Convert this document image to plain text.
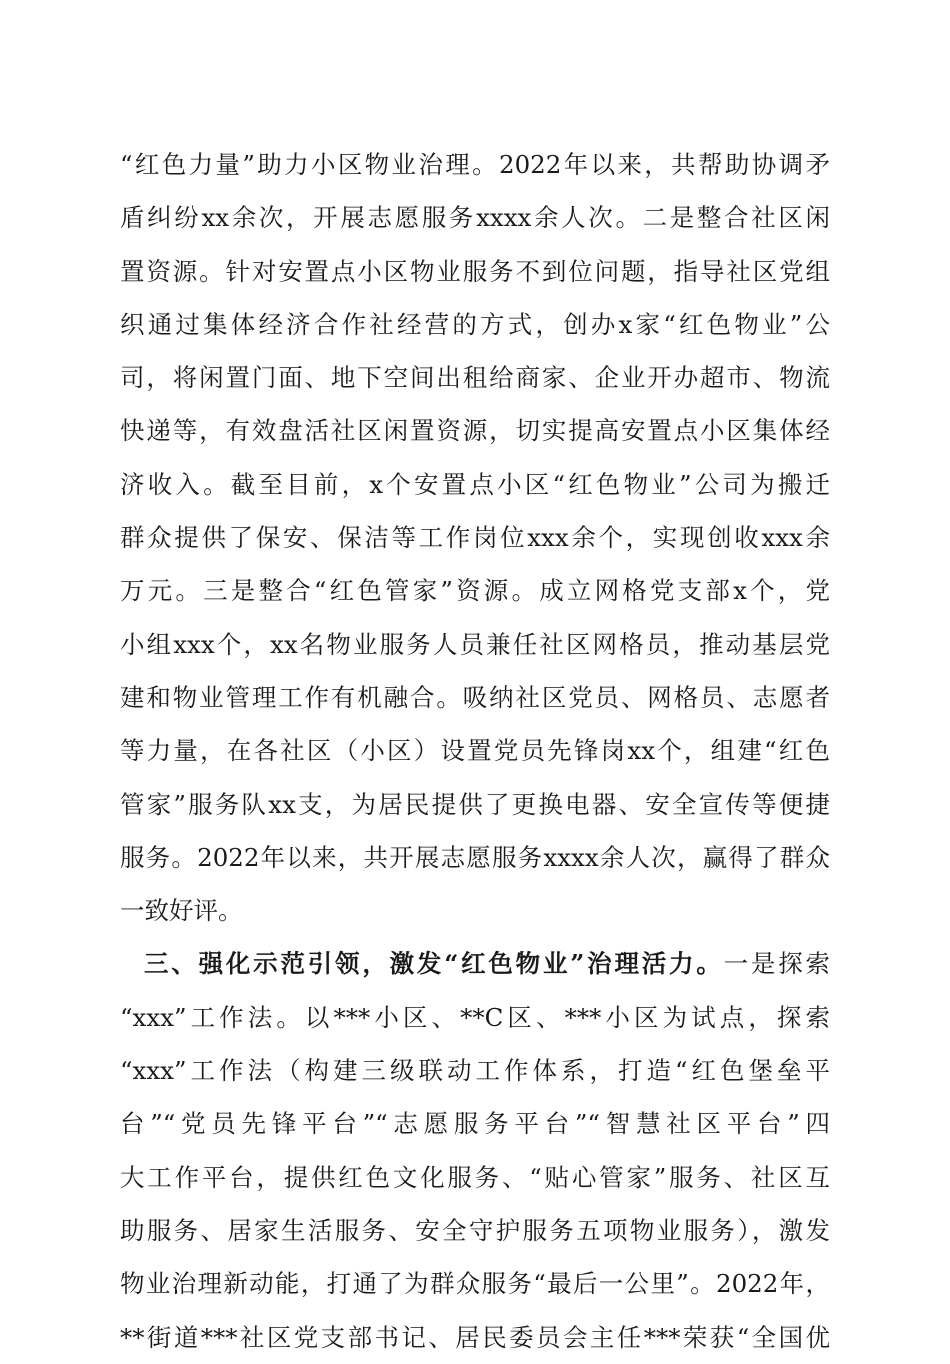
“红色力量”助力小区物业治理。2022年以来，共帮助协调矛
盾纠纷xx余次，开展志愿服务xxxx余人次。二是整合社区闲
置资源。针对安置点小区物业服务不到位问题，指导社区党组
织通过集体经济合作社经营的方式，创办x家“红色物业”公
司，将闲置门面、地下空间出租给商家、企业开办超市、物流
快递等，有效盘活社区闲置资源，切实提高安置点小区集体经
济收入。截至目前，x个安置点小区“红色物业”公司为搬迁
群众提供了保安、保洁等工作岗位xxx余个，实现创收xxx余
万元。三是整合“红色管家”资源。成立网格党支部x个，党
小组xxx个，xx名物业服务人员兼任社区网格员，推动基层党
建和物业管理工作有机融合。吸纳社区党员、网格员、志愿者
等力量，在各社区（小区）设置党员先锋岗xx个，组建“红色
管家”服务队xx支，为居民提供了更换电器、安全宣传等便捷
服务。2022年以来，共开展志愿服务xxxx余人次，赢得了群众
一致好评。
三、强化示范引领，激发“红色物业”治理活力。一是探索
“xxx”工作法。以***小区、**C区、***小区为试点，探索
“xxx”工作法（构建三级联动工作体系，打造“红色堡垒平
台”“党员先锋平台”“志愿服务平台”“智慧社区平台”四
大工作平台，提供红色文化服务、“贴心管家”服务、社区互
助服务、居家生活服务、安全守护服务五项物业服务），激发
物业治理新动能，打通了为群众服务“最后一公里”。2022年，
**街道***社区党支部书记、居民委员会主任***荣获“全国优
